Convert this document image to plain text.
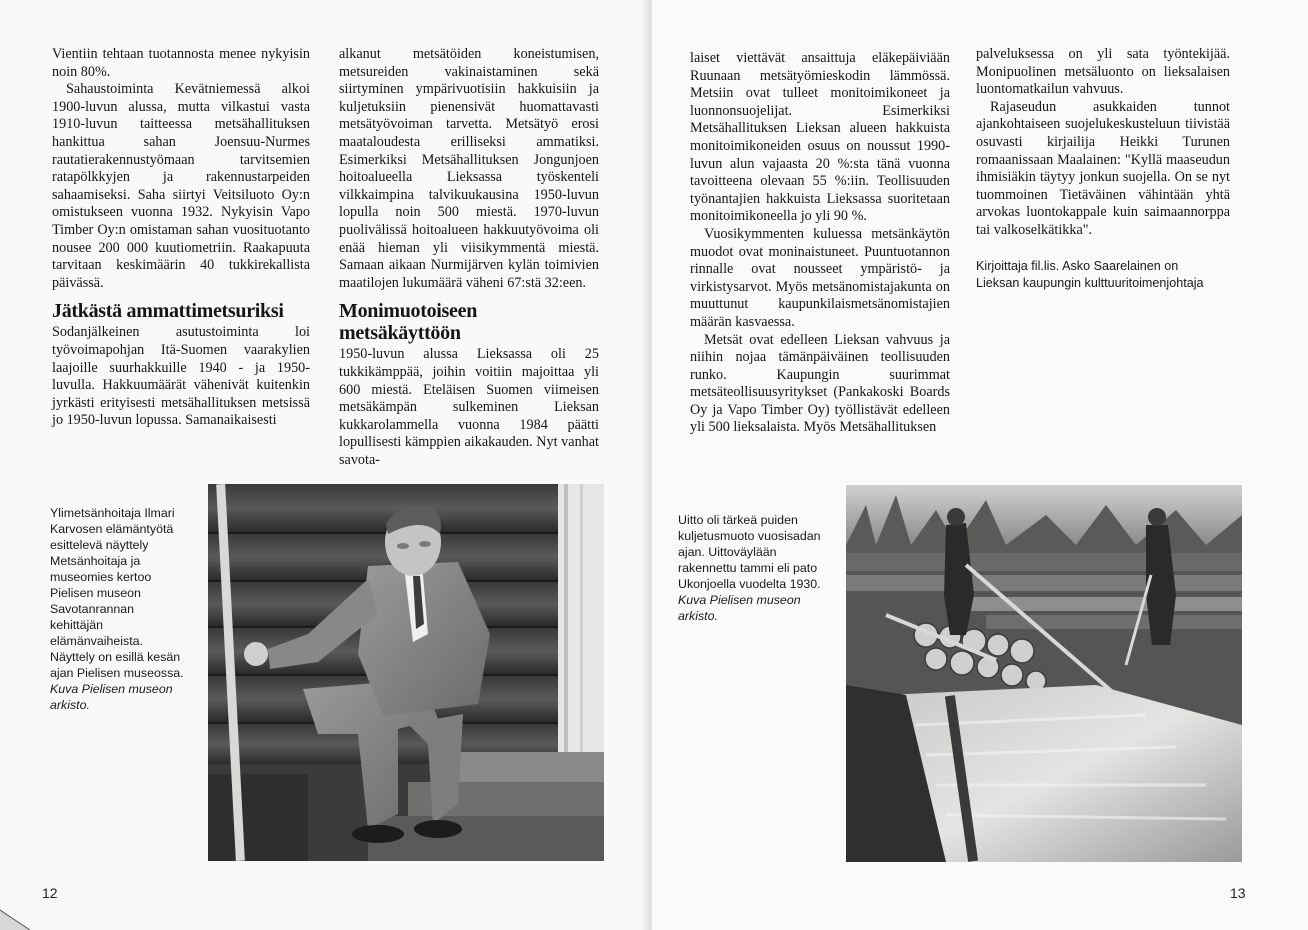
Vientiin tehtaan tuotannosta menee nykyisin noin 80%.

Sahaustoiminta Kevätniemessä alkoi 1900-luvun alussa, mutta vilkastui vasta 1910-luvun taitteessa metsähallituksen hankittua sahan Joensuu-Nurmes rautatierakennustyömaan tarvitsemien ratapölkkyjen ja rakennustarpeiden sahaamiseksi. Saha siirtyi Veitsiluoto Oy:n omistukseen vuonna 1932. Nykyisin Vapo Timber Oy:n omistaman sahan vuosituotanto nousee 200 000 kuutiometriin. Raakapuuta tarvitaan keskimäärin 40 tukkirekallista päivässä.

Jätkästä ammattimetsuriksi

Sodanjälkeinen asutustoiminta loi työvoimapohjan Itä-Suomen vaarakylien laajoille suurhakkuille 1940 - ja 1950-luvulla. Hakkuumäärät vähenivät kuitenkin jyrkästi erityisesti metsähallituksen metsissä jo 1950-luvun lopussa. Samanaikaisesti

alkanut metsätöiden koneistumisen, metsureiden vakinaistaminen sekä siirtyminen ympärivuotisiin hakkuisiin ja kuljetuksiin pienensivät huomattavasti metsätyövoiman tarvetta. Metsätyö erosi maataloudesta erilliseksi ammatiksi. Esimerkiksi Metsähallituksen Jongunjoen hoitoalueella Lieksassa työskenteli vilkkaimpina talvikuukausina 1950-luvun lopulla noin 500 miestä. 1970-luvun puolivälissä hoitoalueen hakkuutyövoima oli enää hieman yli viisikymmentä miestä. Samaan aikaan Nurmijärven kylän toimivien maatilojen lukumäärä väheni 67:stä 32:een.

Monimuotoiseen metsäkäyttöön

1950-luvun alussa Lieksassa oli 25 tukkikämppää, joihin voitiin majoittaa yli 600 miestä. Eteläisen Suomen viimeisen metsäkämpän sulkeminen Lieksan kukkarolammella vuonna 1984 päätti lopullisesti kämppien aikakauden. Nyt vanhat savota-

Ylimetsänhoitaja Ilmari Karvosen elämäntyötä esittelevä näyttely Metsänhoitaja ja museomies kertoo Pielisen museon Savotanrannan kehittäjän elämänvaiheista. Näyttely on esillä kesän ajan Pielisen museossa. Kuva Pielisen museon arkisto.
12

laiset viettävät ansaittuja eläkepäiviään Ruunaan metsätyömieskodin lämmössä. Metsiin ovat tulleet monitoimikoneet ja luonnonsuojelijat. Esimerkiksi Metsähallituksen Lieksan alueen hakkuista monitoimikoneiden osuus on noussut 1990-luvun alun vajaasta 20 %:sta tänä vuonna tavoitteena olevaan 55 %:iin. Teollisuuden työnantajien hakkuista Lieksassa suoritetaan monitoimikoneella jo yli 90 %.

Vuosikymmenten kuluessa metsänkäytön muodot ovat moninaistuneet. Puuntuotannon rinnalle ovat nousseet ympäristö- ja virkistysarvot. Myös metsänomistajakunta on muuttunut kaupunkilaismetsänomistajien määrän kasvaessa.

Metsät ovat edelleen Lieksan vahvuus ja niihin nojaa tämänpäiväinen teollisuuden runko. Kaupungin suurimmat metsäteollisuusyritykset (Pankakoski Boards Oy ja Vapo Timber Oy) työllistävät edelleen yli 500 lieksalaista. Myös Metsähallituksen

palveluksessa on yli sata työntekijää. Monipuolinen metsäluonto on lieksalaisen luontomatkailun vahvuus.

Rajaseudun asukkaiden tunnot ajankohtaiseen suojelukeskusteluun tiivistää osuvasti kirjailija Heikki Turunen romaanissaan Maalainen: "Kyllä maaseudun ihmisiäkin täytyy jonkun suojella. On se nyt tuommoinen Tietäväinen vähintään yhtä arvokas luontokappale kuin saimaannorppa tai valkoselkätikka".

Kirjoittaja fil.lis. Asko Saarelainen on Lieksan kaupungin kulttuuritoimenjohtaja
Uitto oli tärkeä puiden kuljetusmuoto vuosisadan ajan. Uittoväylään rakennettu tammi eli pato Ukonjoella vuodelta 1930. Kuva Pielisen museon arkisto.
13
